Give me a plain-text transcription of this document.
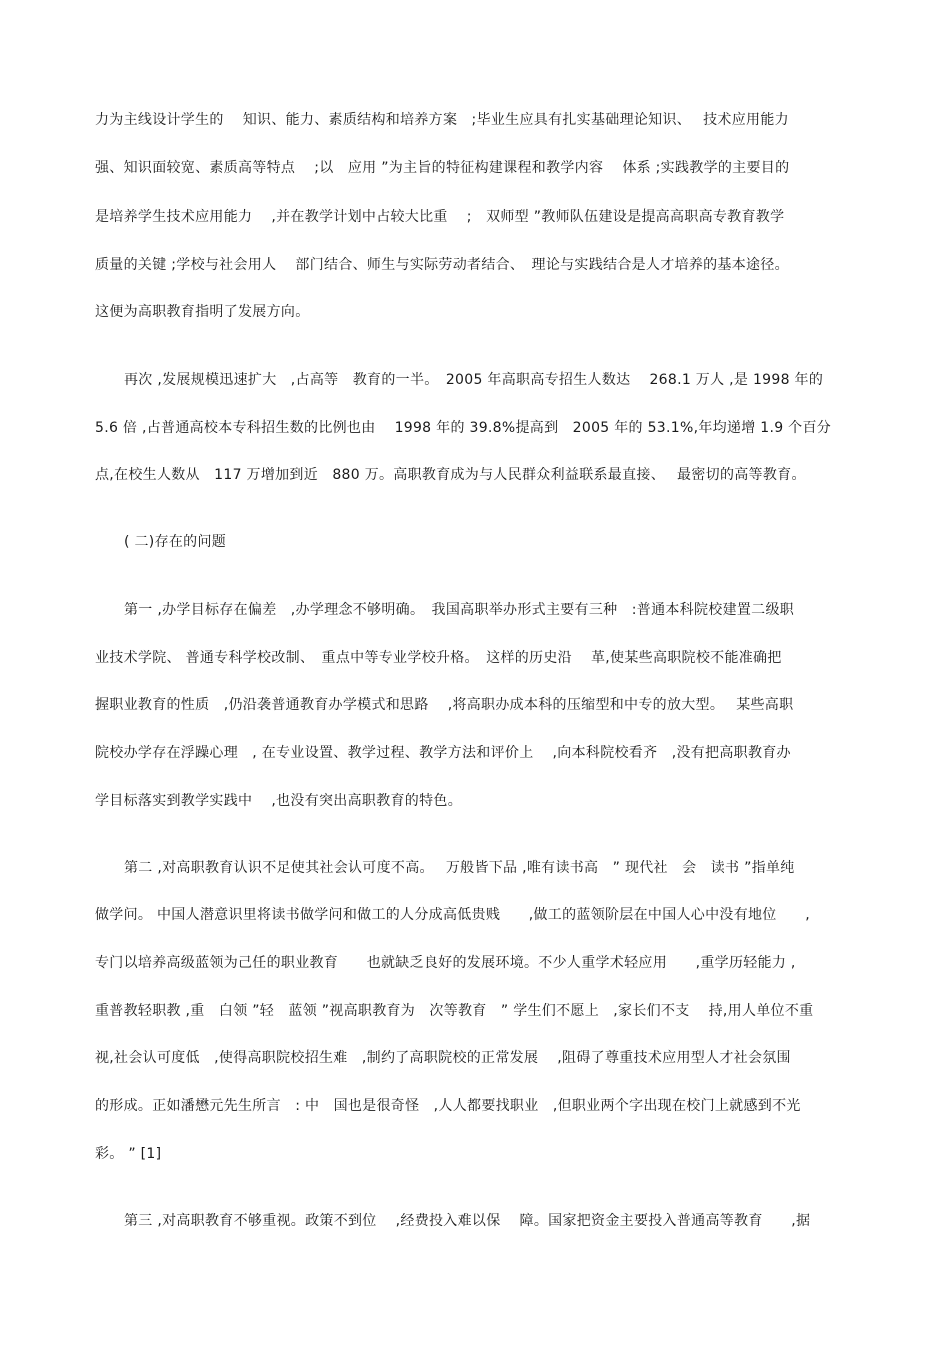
力为主线设计学生的　 知识、能力、素质结构和培养方案　;毕业生应具有扎实基础理论知识、　 技术应用能力
强、知识面较宽、素质高等特点　 ;以　应用 ”为主旨的特征构建课程和教学内容　 体系 ;实践教学的主要目的
是培养学生技术应用能力　 ,并在教学计划中占较大比重　 ;　双师型 ”教师队伍建设是提高高职高专教育教学
质量的关键 ;学校与社会用人　 部门结合、师生与实际劳动者结合、　理论与实践结合是人才培养的基本途径。
这便为高职教育指明了发展方向。
再次 ,发展规模迅速扩大　,占高等　教育的一半。　2005 年高职高专招生人数达　 268.1 万人 ,是 1998 年的
5.6 倍 ,占普通高校本专科招生数的比例也由　 1998 年的 39.8%提高到　2005 年的 53.1%,年均递增 1.9 个百分
点,在校生人数从　117 万增加到近　880 万。高职教育成为与人民群众利益联系最直接、　 最密切的高等教育。
( 二)存在的问题
第一 ,办学目标存在偏差　,办学理念不够明确。　我国高职举办形式主要有三种　:普通本科院校建置二级职
业技术学院、 普通专科学校改制、　重点中等专业学校升格。　这样的历史沿　 革,使某些高职院校不能准确把
握职业教育的性质　,仍沿袭普通教育办学模式和思路　 ,将高职办成本科的压缩型和中专的放大型。　 某些高职
院校办学存在浮躁心理　, 在专业设置、教学过程、教学方法和评价上　 ,向本科院校看齐　,没有把高职教育办
学目标落实到教学实践中　 ,也没有突出高职教育的特色。
第二 ,对高职教育认识不足使其社会认可度不高。　 万般皆下品 ,唯有读书高　” 现代社　会　读书 ”指单纯
做学问。 中国人潜意识里将读书做学问和做工的人分成高低贵贱　　,做工的蓝领阶层在中国人心中没有地位　　,
专门以培养高级蓝领为己任的职业教育　　也就缺乏良好的发展环境。不少人重学术轻应用　　,重学历轻能力 ,
重普教轻职教 ,重　白领 ”轻　蓝领 ”视高职教育为　次等教育　” 学生们不愿上　,家长们不支　 持,用人单位不重
视,社会认可度低　,使得高职院校招生难　,制约了高职院校的正常发展　 ,阻碍了尊重技术应用型人才社会氛围
的形成。正如潘懋元先生所言　: 中　国也是很奇怪　,人人都要找职业　,但职业两个字出现在校门上就感到不光
彩。 ” [1]
第三 ,对高职教育不够重视。政策不到位　 ,经费投入难以保　 障。国家把资金主要投入普通高等教育　　,据
